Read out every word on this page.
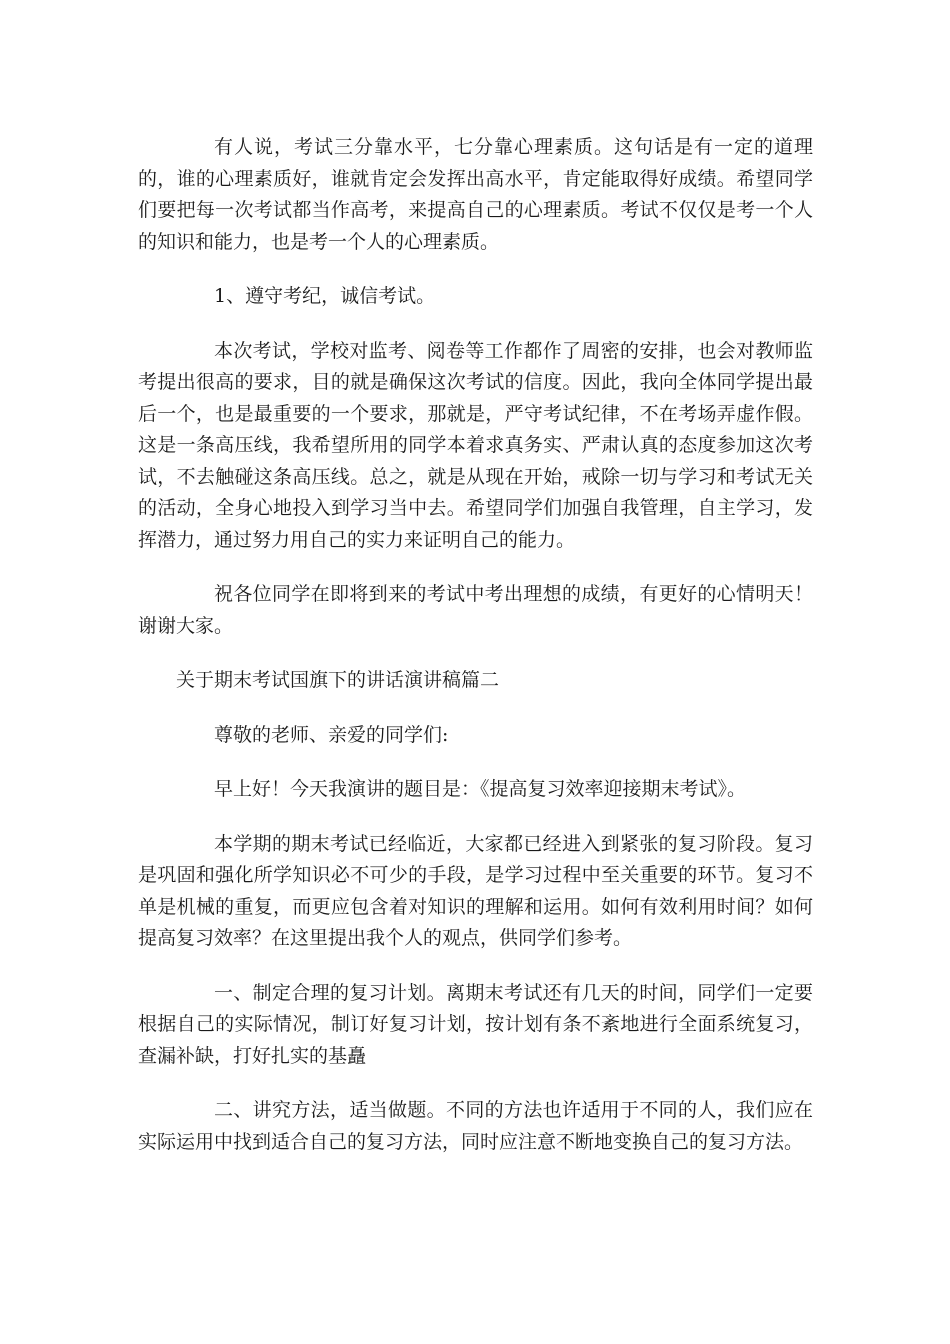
有人说，考试三分靠水平，七分靠心理素质。这句话是有一定的道理的，谁的心理素质好，谁就肯定会发挥出高水平，肯定能取得好成绩。希望同学们要把每一次考试都当作高考，来提高自己的心理素质。考试不仅仅是考一个人的知识和能力，也是考一个人的心理素质。

1、遵守考纪，诚信考试。

本次考试，学校对监考、阅卷等工作都作了周密的安排，也会对教师监考提出很高的要求，目的就是确保这次考试的信度。因此，我向全体同学提出最后一个，也是最重要的一个要求，那就是，严守考试纪律，不在考场弄虚作假。这是一条高压线，我希望所用的同学本着求真务实、严肃认真的态度参加这次考试，不去触碰这条高压线。总之，就是从现在开始，戒除一切与学习和考试无关的活动，全身心地投入到学习当中去。希望同学们加强自我管理，自主学习，发挥潜力，通过努力用自己的实力来证明自己的能力。

祝各位同学在即将到来的考试中考出理想的成绩，有更好的心情明天！谢谢大家。

关于期末考试国旗下的讲话演讲稿篇二

尊敬的老师、亲爱的同学们:

早上好！今天我演讲的题目是：《提高复习效率迎接期末考试》。

本学期的期末考试已经临近，大家都已经进入到紧张的复习阶段。复习是巩固和强化所学知识必不可少的手段，是学习过程中至关重要的环节。复习不单是机械的重复，而更应包含着对知识的理解和运用。如何有效利用时间？如何提高复习效率？在这里提出我个人的观点，供同学们参考。

一、制定合理的复习计划。离期末考试还有几天的时间，同学们一定要根据自己的实际情况，制订好复习计划，按计划有条不紊地进行全面系统复习，查漏补缺，打好扎实的基矗

二、讲究方法，适当做题。不同的方法也许适用于不同的人，我们应在实际运用中找到适合自己的复习方法，同时应注意不断地变换自己的复习方法。
